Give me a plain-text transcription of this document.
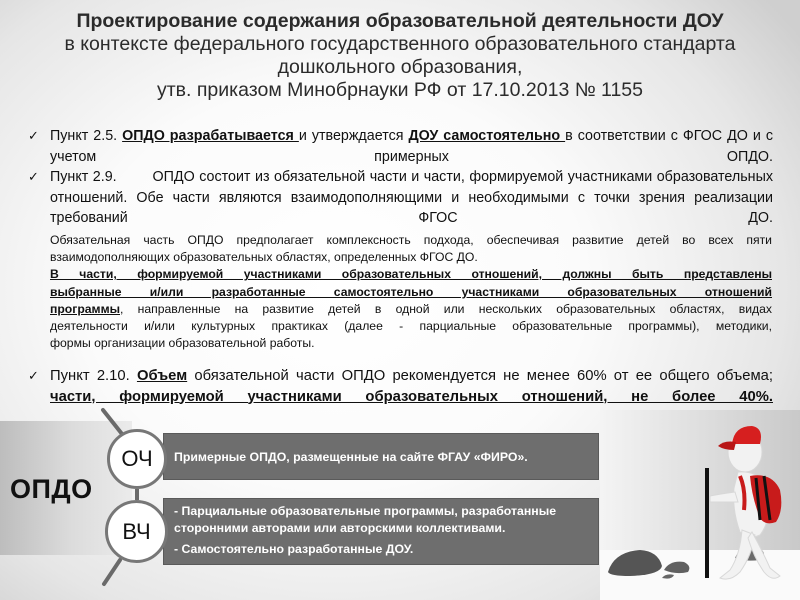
Проектирование содержания образовательной деятельности ДОУ
в контексте федерального государственного образовательного стандарта
дошкольного образования,
утв. приказом Минобрнауки РФ от 17.10.2013 № 1155
✓ Пункт 2.5. ОПДО разрабатывается и утверждается ДОУ самостоятельно в соответствии с ФГОС ДО и с учетом примерных ОПДО.
✓ Пункт 2.9.        ОПДО состоит из обязательной части и части, формируемой участниками образовательных отношений. Обе части являются взаимодополняющими и необходимыми с точки зрения реализации требований ФГОС ДО.
Обязательная часть ОПДО предполагает комплексность подхода, обеспечивая развитие детей во всех пяти
взаимодополняющих образовательных областях, определенных ФГОС ДО.
В части, формируемой участниками образовательных отношений, должны быть представлены
выбранные и/или разработанные самостоятельно участниками образовательных отношений
программы, направленные на развитие детей в одной или нескольких образовательных областях, видах
деятельности и/или культурных практиках (далее - парциальные образовательные программы), методики,
формы организации образовательной работы.
✓ Пункт 2.10. Объем обязательной части ОПДО рекомендуется не менее 60% от ее общего объема; части, формируемой участниками образовательных отношений, не более 40%.
ОПДО
Примерные ОПДО, размещенные на сайте ФГАУ «ФИРО».
- Парциальные образовательные программы, разработанные сторонними авторами или авторскими коллективами.
- Самостоятельно разработанные ДОУ.
ОЧ
ВЧ
